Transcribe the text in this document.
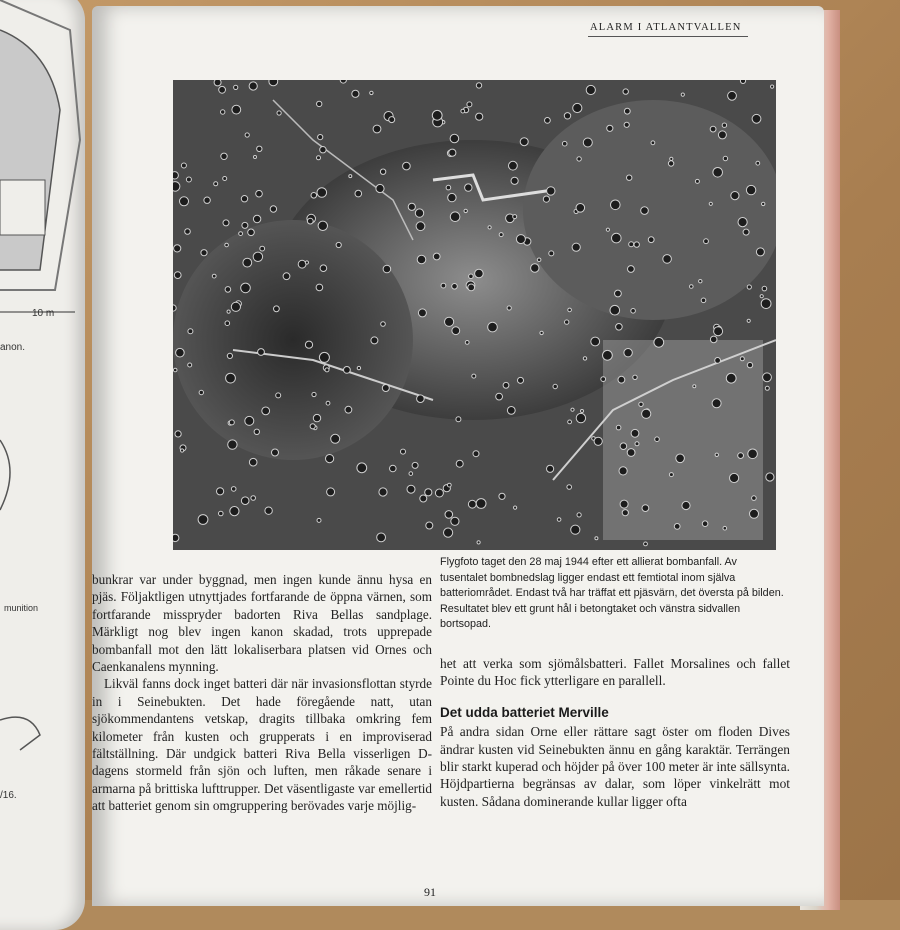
10 m
anon.
munition
/16.
ALARM I ATLANTVALLEN
Flygfoto taget den 28 maj 1944 efter ett allierat bombanfall. Av tusentalet bombnedslag ligger endast ett femtiotal inom själva batteriområdet. Endast två har träffat ett pjäsvärn, det översta på bilden. Resultatet blev ett grunt hål i betongtaket och vänstra sidvallen bortsopad.

bunkrar var under byggnad, men ingen kunde ännu hysa en pjäs. Följaktligen utnyttjades fortfarande de öppna värnen, som fortfarande misspryder badorten Riva Bellas sandplage. Märkligt nog blev ingen kanon skadad, trots upprepade bombanfall mot den lätt lokaliserbara platsen vid Ornes och Caenkanalens mynning.

Likväl fanns dock inget batteri där när invasionsflottan styrde in i Seinebukten. Det hade föregående natt, utan sjökommendantens vetskap, dragits tillbaka omkring fem kilometer från kusten och grupperats i en improviserad fältställning. Där undgick batteri Riva Bella visserligen D-dagens stormeld från sjön och luften, men råkade senare i armarna på brittiska lufttrupper. Det väsentligaste var emellertid att batteriet genom sin omgruppering berövades varje möjlig-

het att verka som sjömålsbatteri. Fallet Morsalines och fallet Pointe du Hoc fick ytterligare en parallell.

Det udda batteriet Merville

På andra sidan Orne eller rättare sagt öster om floden Dives ändrar kusten vid Seinebukten ännu en gång karaktär. Terrängen blir starkt kuperad och höjder på över 100 meter är inte sällsynta. Höjdpartierna begränsas av dalar, som löper vinkelrätt mot kusten. Sådana dominerande kullar ligger ofta

91
